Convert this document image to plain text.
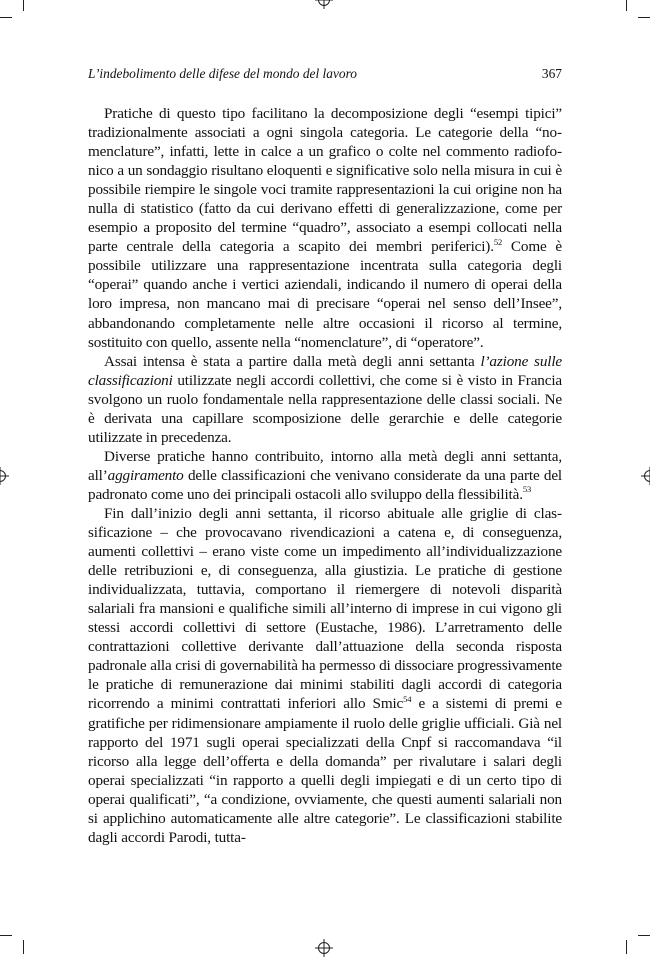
L’indebolimento delle difese del mondo del lavoro	367

Pratiche di questo tipo facilitano la decomposizione degli “esempi tipici” tradizionalmente associati a ogni singola categoria. Le categorie della “nomenclature”, infatti, lette in calce a un grafico o colte nel commento radiofonico a un sondaggio risultano eloquenti e significative solo nella misura in cui è possibile riempire le singole voci tramite rappresentazioni la cui origine non ha nulla di statistico (fatto da cui derivano effetti di generalizzazione, come per esempio a proposito del termine “quadro”, associato a esempi collocati nella parte centrale della categoria a scapito dei membri periferici).$^{52}$ Come è possibile utilizzare una rappresentazione incentrata sulla categoria degli “operai” quando anche i vertici aziendali, indicando il numero di operai della loro impresa, non mancano mai di precisare “operai nel senso dell’Insee”, abbandonando completamente nelle altre occasioni il ricorso al termine, sostituito con quello, assente nella “nomenclature”, di “operatore”.

Assai intensa è stata a partire dalla metà degli anni settanta l’azione sulle classificazioni utilizzate negli accordi collettivi, che come si è visto in Francia svolgono un ruolo fondamentale nella rappresentazione delle classi sociali. Ne è derivata una capillare scomposizione delle gerarchie e delle categorie utilizzate in precedenza.

Diverse pratiche hanno contribuito, intorno alla metà degli anni settanta, all’aggiramento delle classificazioni che venivano considerate da una parte del padronato come uno dei principali ostacoli allo sviluppo della flessibilità.$^{53}$

Fin dall’inizio degli anni settanta, il ricorso abituale alle griglie di classificazione – che provocavano rivendicazioni a catena e, di conseguenza, aumenti collettivi – erano viste come un impedimento all’individualizzazione delle retribuzioni e, di conseguenza, alla giustizia. Le pratiche di gestione individualizzata, tuttavia, comportano il riemergere di notevoli disparità salariali fra mansioni e qualifiche simili all’interno di imprese in cui vigono gli stessi accordi collettivi di settore (Eustache, 1986). L’arretramento delle contrattazioni collettive derivante dall’attuazione della seconda risposta padronale alla crisi di governabilità ha permesso di dissociare progressivamente le pratiche di remunerazione dai minimi stabiliti dagli accordi di categoria ricorrendo a minimi contrattati inferiori allo Smic$^{54}$ e a sistemi di premi e gratifiche per ridimensionare ampiamente il ruolo delle griglie ufficiali. Già nel rapporto del 1971 sugli operai specializzati della Cnpf si raccomandava “il ricorso alla legge dell’offerta e della domanda” per rivalutare i salari degli operai specializzati “in rapporto a quelli degli impiegati e di un certo tipo di operai qualificati”, “a condizione, ovviamente, che questi aumenti salariali non si applichino automaticamente alle altre categorie”. Le classificazioni stabilite dagli accordi Parodi, tutta-
